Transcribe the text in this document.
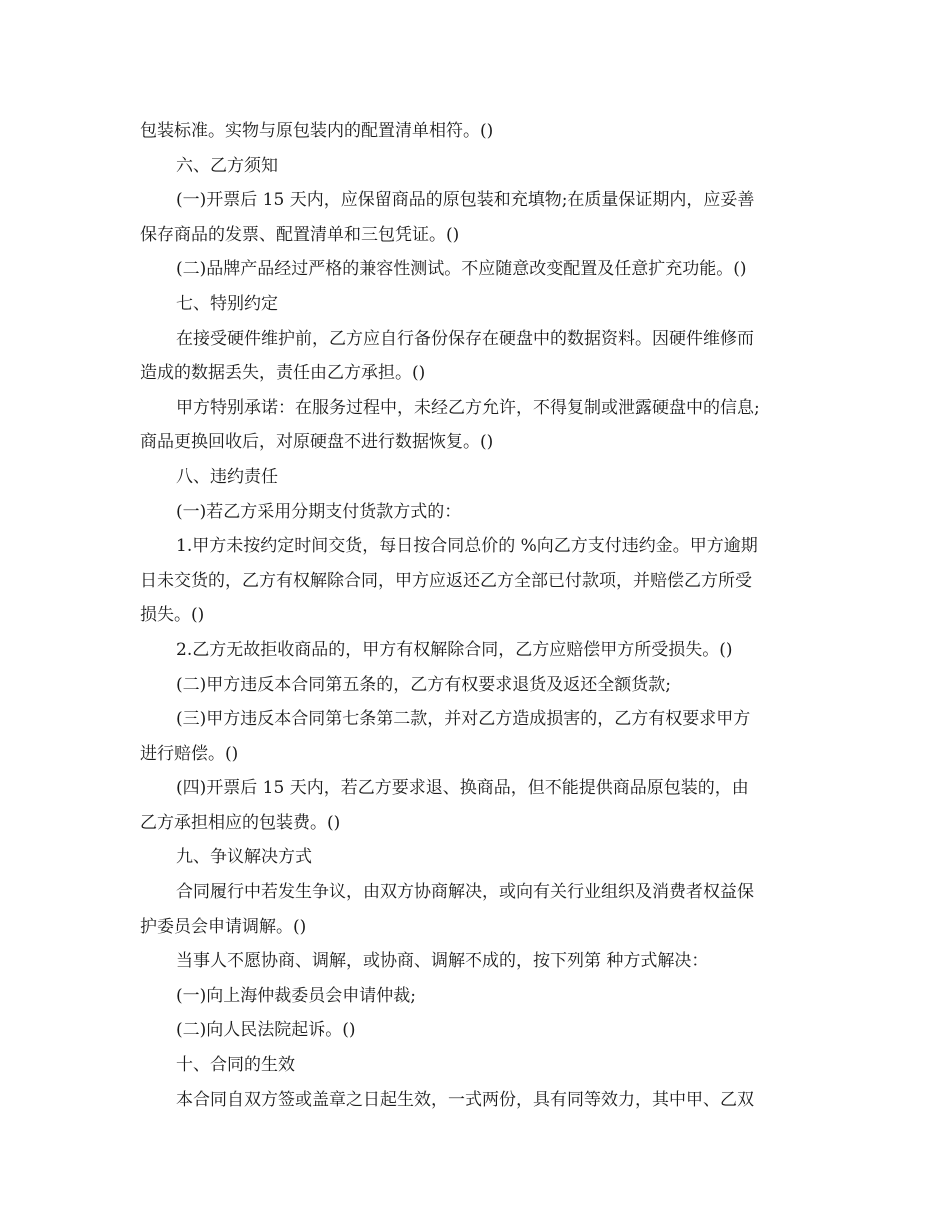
包装标准。实物与原包装内的配置清单相符。()
六、乙方须知
(一)开票后 15 天内，应保留商品的原包装和充填物;在质量保证期内，应妥善
保存商品的发票、配置清单和三包凭证。()
(二)品牌产品经过严格的兼容性测试。不应随意改变配置及任意扩充功能。()
七、特别约定
在接受硬件维护前，乙方应自行备份保存在硬盘中的数据资料。因硬件维修而
造成的数据丢失，责任由乙方承担。()
甲方特别承诺：在服务过程中，未经乙方允许，不得复制或泄露硬盘中的信息;
商品更换回收后，对原硬盘不进行数据恢复。()
八、违约责任
(一)若乙方采用分期支付货款方式的：
1.甲方未按约定时间交货，每日按合同总价的 %向乙方支付违约金。甲方逾期
日未交货的，乙方有权解除合同，甲方应返还乙方全部已付款项，并赔偿乙方所受
损失。()
2.乙方无故拒收商品的，甲方有权解除合同，乙方应赔偿甲方所受损失。()
(二)甲方违反本合同第五条的，乙方有权要求退货及返还全额货款;
(三)甲方违反本合同第七条第二款，并对乙方造成损害的，乙方有权要求甲方
进行赔偿。()
(四)开票后 15 天内，若乙方要求退、换商品，但不能提供商品原包装的，由
乙方承担相应的包装费。()
九、争议解决方式
合同履行中若发生争议，由双方协商解决，或向有关行业组织及消费者权益保
护委员会申请调解。()
当事人不愿协商、调解，或协商、调解不成的，按下列第 种方式解决：
(一)向上海仲裁委员会申请仲裁;
(二)向人民法院起诉。()
十、合同的生效
本合同自双方签或盖章之日起生效，一式两份，具有同等效力，其中甲、乙双
